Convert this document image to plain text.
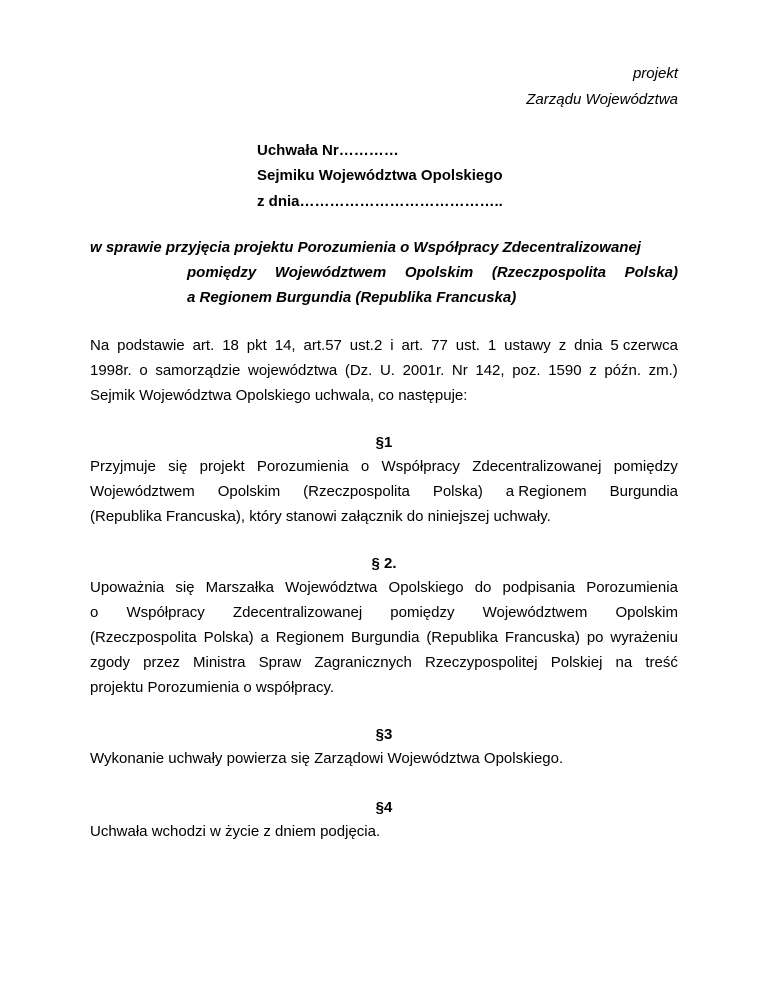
projekt
Zarządu Województwa
Uchwała Nr…………
Sejmiku Województwa Opolskiego
z dnia…………………………………..
w sprawie przyjęcia projektu Porozumienia o Współpracy Zdecentralizowanej
pomiędzy Województwem Opolskim (Rzeczpospolita Polska)
a Regionem Burgundia (Republika Francuska)
Na podstawie art. 18 pkt 14, art.57 ust.2 i art. 77 ust. 1 ustawy z dnia 5 czerwca
1998r. o samorządzie województwa (Dz. U. 2001r. Nr 142, poz. 1590 z późn. zm.)
Sejmik Województwa Opolskiego uchwala, co następuje:
§1
Przyjmuje się projekt Porozumienia o Współpracy Zdecentralizowanej pomiędzy
Województwem Opolskim (Rzeczpospolita Polska) a Regionem Burgundia
(Republika Francuska), który stanowi załącznik do niniejszej uchwały.
§ 2.
Upoważnia się Marszałka Województwa Opolskiego do podpisania Porozumienia
o Współpracy Zdecentralizowanej pomiędzy Województwem Opolskim
(Rzeczpospolita Polska) a Regionem Burgundia (Republika Francuska) po wyrażeniu
zgody przez Ministra Spraw Zagranicznych Rzeczypospolitej Polskiej na treść
projektu Porozumienia o współpracy.
§3
Wykonanie uchwały powierza się Zarządowi Województwa Opolskiego.
§4
Uchwała wchodzi w życie z dniem podjęcia.
